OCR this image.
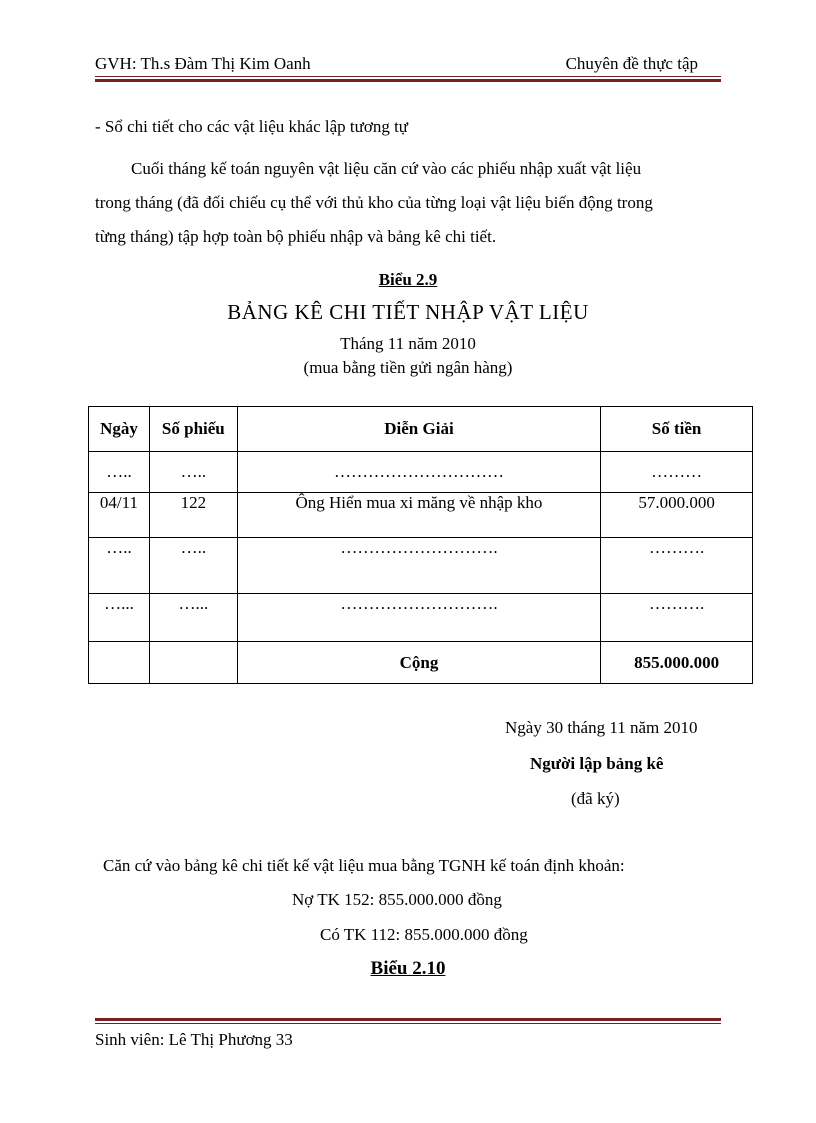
GVH: Th.s Đàm Thị Kim Oanh	Chuyên đề thực tập
- Sổ chi tiết cho các vật liệu khác lập tương tự
Cuối tháng kế toán nguyên vật liệu căn cứ vào các phiếu nhập xuất vật liệu
trong tháng (đã đối chiếu cụ thể với thủ kho của từng loại vật liệu biến động trong
từng tháng) tập hợp toàn bộ phiếu nhập và bảng kê chi tiết.
Biểu 2.9
BẢNG KÊ CHI TIẾT NHẬP VẬT LIỆU
Tháng 11 năm 2010
(mua bằng tiền gửi ngân hàng)
Ngày	Số phiếu	Diễn Giải	Số tiền
…..	…..	…………………………	………
04/11	122	Ông Hiển mua xi măng về nhập kho	57.000.000
…..	…..	……………………….	……….
…...	…...	……………………….	……….
		Cộng	855.000.000
Ngày 30 tháng 11 năm 2010
Người lập bảng kê
(đã ký)
Căn cứ vào bảng kê chi tiết kế vật liệu mua bằng TGNH kế toán định khoản:
Nợ TK 152: 855.000.000 đồng
Có TK 112: 855.000.000 đồng
Biểu 2.10
Sinh viên: Lê Thị Phương 33
